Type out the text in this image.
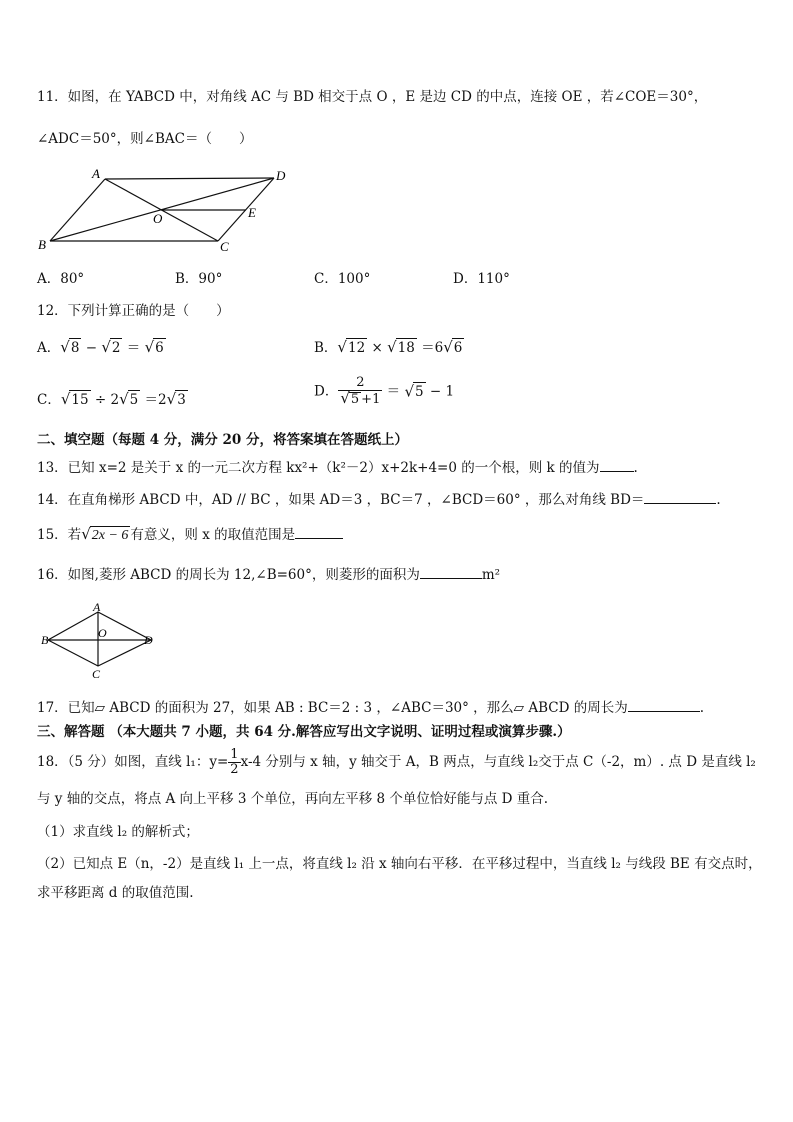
11．如图，在 YABCD 中，对角线 AC 与 BD 相交于点 O ，E 是边 CD 的中点，连接 OE ，若∠COE＝30°，
∠ADC＝50°，则∠BAC＝（　　）
A	D
B	C
E
O
A．80°	B．90°	C．100°	D．110°
12．下列计算正确的是（　　）
A．√8 − √2 ＝ √6	B．√12 × √18 ＝6√6
C．√15 ÷ 2√5 ＝2√3
D． $\frac{2}{√5 +1} = √5 - 1$
二、填空题（每题 4 分，满分 20 分，将答案填在答题纸上）
13．已知 x=2 是关于 x 的一元二次方程 kx²+（k²－2）x+2k+4=0 的一个根，则 k 的值为	.
14．在直角梯形 ABCD 中，AD // BC ，如果 AD＝3 ，BC＝7 ，∠BCD＝60° ，那么对角线 BD＝	.
15．若√2x − 6 有意义，则 x 的取值范围是
16．如图,菱形 ABCD 的周长为 12,∠B=60°，则菱形的面积为	m²
A
B	D
C
O
17．已知▱ ABCD 的面积为 27，如果 AB : BC＝2 : 3 ，∠ABC＝30° ，那么▱ ABCD 的周长为	.
三、解答题 （本大题共 7 小题，共 64 分.解答应写出文字说明、证明过程或演算步骤.）
18．（5 分）如图，直线 l₁：$y= \frac{1}{2} x-4$ 分别与 x 轴，y 轴交于 A，B 两点，与直线 l₂交于点 C（-2，m）. 点 D 是直线 l₂
与 y 轴的交点，将点 A 向上平移 3 个单位，再向左平移 8 个单位恰好能与点 D 重合.
（1）求直线 l₂ 的解析式；
（2）已知点 E（n，-2）是直线 l₁ 上一点，将直线 l₂ 沿 x 轴向右平移．在平移过程中，当直线 l₂ 与线段 BE 有交点时，
求平移距离 d 的取值范围.
